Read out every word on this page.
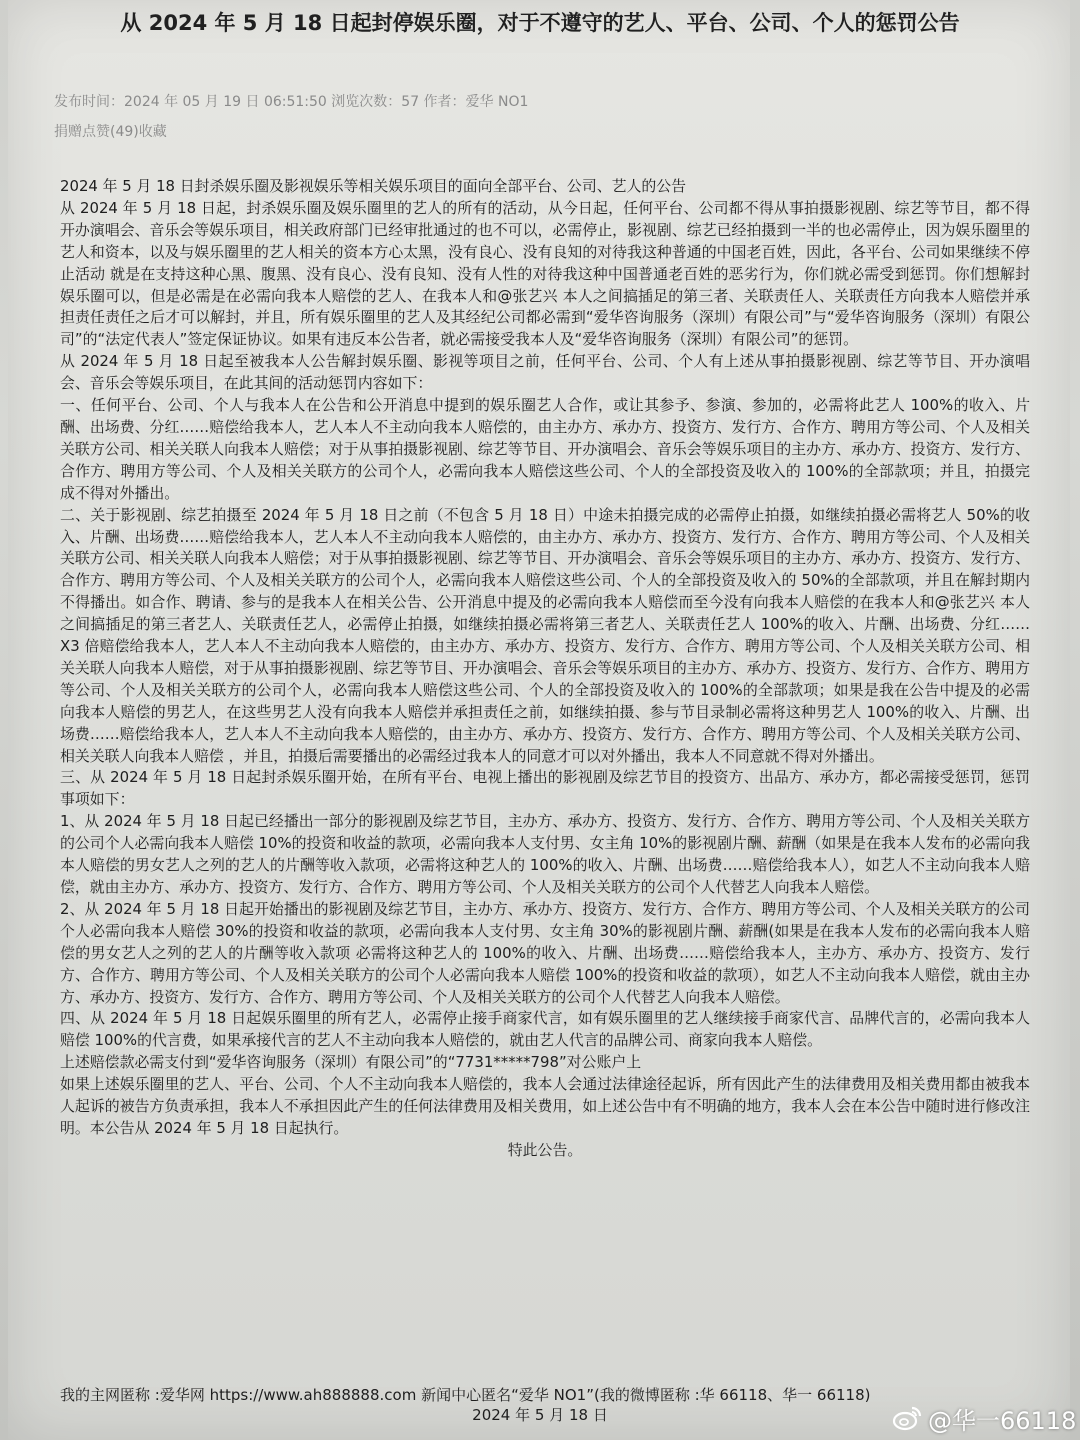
从 2024 年 5 月 18 日起封停娱乐圈，对于不遵守的艺人、平台、公司、个人的惩罚公告
发布时间：2024 年 05 月 19 日 06:51:50 浏览次数：57 作者：爱华 NO1
捐赠点赞(49)收藏

2024 年 5 月 18 日封杀娱乐圈及影视娱乐等相关娱乐项目的面向全部平台、公司、艺人的公告

从 2024 年 5 月 18 日起，封杀娱乐圈及娱乐圈里的艺人的所有的活动，从今日起，任何平台、公司都不得从事拍摄影视剧、综艺等节目，都不得开办演唱会、音乐会等娱乐项目，相关政府部门已经审批通过的也不可以，必需停止，影视剧、综艺已经拍摄到一半的也必需停止，因为娱乐圈里的艺人和资本，以及与娱乐圈里的艺人相关的资本方心太黑，没有良心、没有良知的对待我这种普通的中国老百姓，因此，各平台、公司如果继续不停止活动 就是在支持这种心黑、腹黑、没有良心、没有良知、没有人性的对待我这种中国普通老百姓的恶劣行为，你们就必需受到惩罚。你们想解封娱乐圈可以，但是必需是在必需向我本人赔偿的艺人、在我本人和@张艺兴 本人之间搞插足的第三者、关联责任人、关联责任方向我本人赔偿并承担责任责任之后才可以解封，并且，所有娱乐圈里的艺人及其经纪公司都必需到“爱华咨询服务（深圳）有限公司”与“爱华咨询服务（深圳）有限公司”的“法定代表人”签定保证协议。如果有违反本公告者，就必需接受我本人及“爱华咨询服务（深圳）有限公司”的惩罚。

从 2024 年 5 月 18 日起至被我本人公告解封娱乐圈、影视等项目之前，任何平台、公司、个人有上述从事拍摄影视剧、综艺等节目、开办演唱会、音乐会等娱乐项目，在此其间的活动惩罚内容如下：

一、任何平台、公司、个人与我本人在公告和公开消息中提到的娱乐圈艺人合作，或让其参予、参演、参加的，必需将此艺人 100%的收入、片酬、出场费、分红……赔偿给我本人，艺人本人不主动向我本人赔偿的，由主办方、承办方、投资方、发行方、合作方、聘用方等公司、个人及相关关联方公司、相关关联人向我本人赔偿；对于从事拍摄影视剧、综艺等节目、开办演唱会、音乐会等娱乐项目的主办方、承办方、投资方、发行方、合作方、聘用方等公司、个人及相关关联方的公司个人，必需向我本人赔偿这些公司、个人的全部投资及收入的 100%的全部款项；并且，拍摄完成不得对外播出。

二、关于影视剧、综艺拍摄至 2024 年 5 月 18 日之前（不包含 5 月 18 日）中途未拍摄完成的必需停止拍摄，如继续拍摄必需将艺人 50%的收入、片酬、出场费……赔偿给我本人，艺人本人不主动向我本人赔偿的，由主办方、承办方、投资方、发行方、合作方、聘用方等公司、个人及相关关联方公司、相关关联人向我本人赔偿；对于从事拍摄影视剧、综艺等节目、开办演唱会、音乐会等娱乐项目的主办方、承办方、投资方、发行方、合作方、聘用方等公司、个人及相关关联方的公司个人，必需向我本人赔偿这些公司、个人的全部投资及收入的 50%的全部款项，并且在解封期内不得播出。如合作、聘请、参与的是我本人在相关公告、公开消息中提及的必需向我本人赔偿而至今没有向我本人赔偿的在我本人和@张艺兴 本人之间搞插足的第三者艺人、关联责任艺人，必需停止拍摄，如继续拍摄必需将第三者艺人、关联责任艺人 100%的收入、片酬、出场费、分红……X3 倍赔偿给我本人，艺人本人不主动向我本人赔偿的，由主办方、承办方、投资方、发行方、合作方、聘用方等公司、个人及相关关联方公司、相关关联人向我本人赔偿，对于从事拍摄影视剧、综艺等节目、开办演唱会、音乐会等娱乐项目的主办方、承办方、投资方、发行方、合作方、聘用方等公司、个人及相关关联方的公司个人，必需向我本人赔偿这些公司、个人的全部投资及收入的 100%的全部款项；如果是我在公告中提及的必需向我本人赔偿的男艺人，在这些男艺人没有向我本人赔偿并承担责任之前，如继续拍摄、参与节目录制必需将这种男艺人 100%的收入、片酬、出场费……赔偿给我本人，艺人本人不主动向我本人赔偿的，由主办方、承办方、投资方、发行方、合作方、聘用方等公司、个人及相关关联方公司、相关关联人向我本人赔偿 ，并且，拍摄后需要播出的必需经过我本人的同意才可以对外播出，我本人不同意就不得对外播出。

三、从 2024 年 5 月 18 日起封杀娱乐圈开始，在所有平台、电视上播出的影视剧及综艺节目的投资方、出品方、承办方，都必需接受惩罚，惩罚事项如下：

1、从 2024 年 5 月 18 日起已经播出一部分的影视剧及综艺节目，主办方、承办方、投资方、发行方、合作方、聘用方等公司、个人及相关关联方的公司个人必需向我本人赔偿 10%的投资和收益的款项，必需向我本人支付男、女主角 10%的影视剧片酬、薪酬（如果是在我本人发布的必需向我本人赔偿的男女艺人之列的艺人的片酬等收入款项，必需将这种艺人的 100%的收入、片酬、出场费……赔偿给我本人），如艺人不主动向我本人赔偿，就由主办方、承办方、投资方、发行方、合作方、聘用方等公司、个人及相关关联方的公司个人代替艺人向我本人赔偿。

2、从 2024 年 5 月 18 日起开始播出的影视剧及综艺节目，主办方、承办方、投资方、发行方、合作方、聘用方等公司、个人及相关关联方的公司个人必需向我本人赔偿 30%的投资和收益的款项，必需向我本人支付男、女主角 30%的影视剧片酬、薪酬(如果是在我本人发布的必需向我本人赔偿的男女艺人之列的艺人的片酬等收入款项 必需将这种艺人的 100%的收入、片酬、出场费……赔偿给我本人，主办方、承办方、投资方、发行方、合作方、聘用方等公司、个人及相关关联方的公司个人必需向我本人赔偿 100%的投资和收益的款项），如艺人不主动向我本人赔偿，就由主办方、承办方、投资方、发行方、合作方、聘用方等公司、个人及相关关联方的公司个人代替艺人向我本人赔偿。

四、从 2024 年 5 月 18 日起娱乐圈里的所有艺人，必需停止接手商家代言，如有娱乐圈里的艺人继续接手商家代言、品牌代言的，必需向我本人赔偿 100%的代言费，如果承接代言的艺人不主动向我本人赔偿的，就由艺人代言的品牌公司、商家向我本人赔偿。

上述赔偿款必需支付到“爱华咨询服务（深圳）有限公司”的“7731*****798”对公账户上

如果上述娱乐圈里的艺人、平台、公司、个人不主动向我本人赔偿的，我本人会通过法律途径起诉，所有因此产生的法律费用及相关费用都由被我本人起诉的被告方负责承担，我本人不承担因此产生的任何法律费用及相关费用，如上述公告中有不明确的地方，我本人会在本公告中随时进行修改注明。本公告从 2024 年 5 月 18 日起执行。

特此公告。

我的主网匿称 :爱华网 https://www.ah888888.com 新闻中心匿名“爱华 NO1”(我的微博匿称 :华 66118、华一 66118)
2024 年 5 月 18 日	@华一66118
